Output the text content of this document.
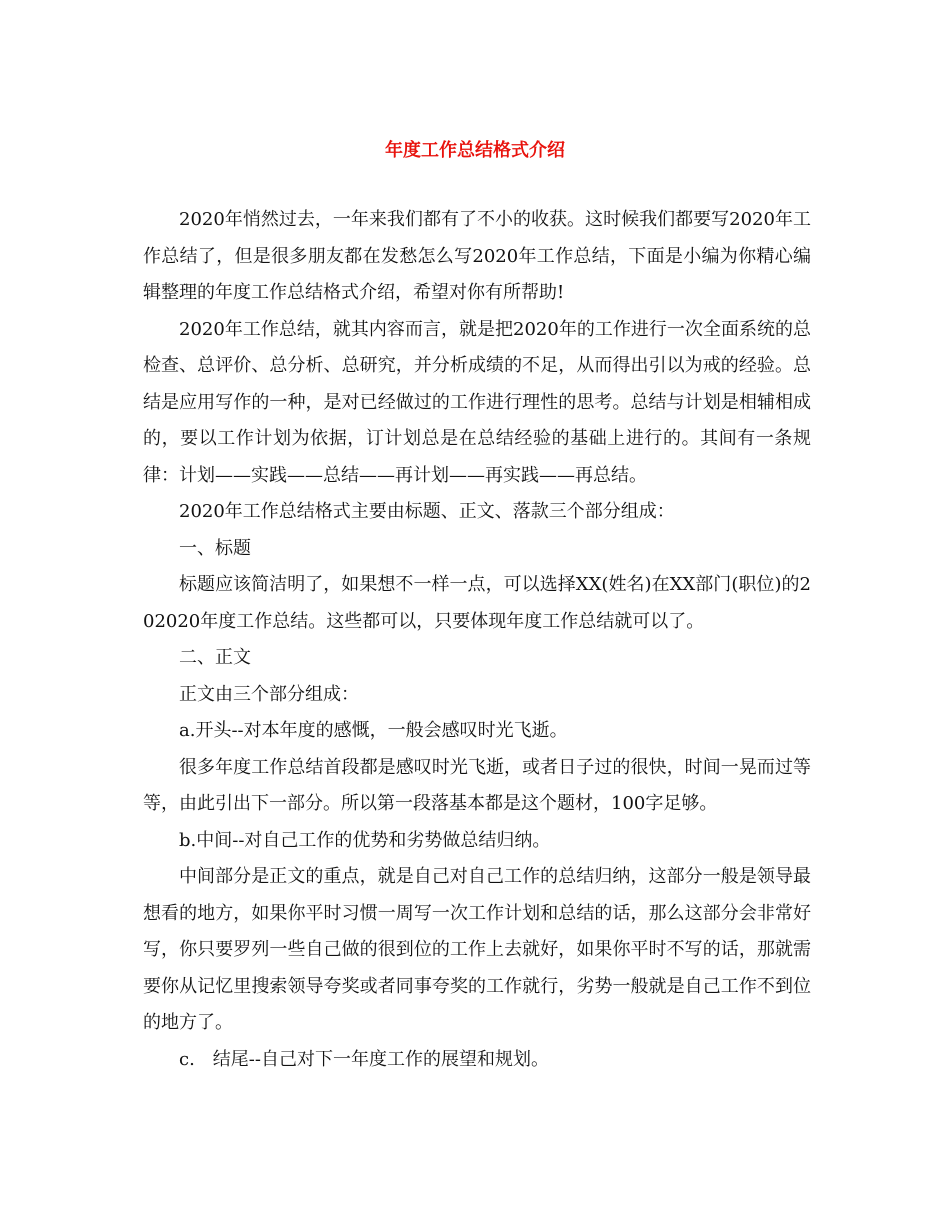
年度工作总结格式介绍

2020年悄然过去，一年来我们都有了不小的收获。这时候我们都要写2020年工作总结了，但是很多朋友都在发愁怎么写2020年工作总结，下面是小编为你精心编辑整理的年度工作总结格式介绍，希望对你有所帮助!

2020年工作总结，就其内容而言，就是把2020年的工作进行一次全面系统的总检查、总评价、总分析、总研究，并分析成绩的不足，从而得出引以为戒的经验。总结是应用写作的一种，是对已经做过的工作进行理性的思考。总结与计划是相辅相成的，要以工作计划为依据，订计划总是在总结经验的基础上进行的。其间有一条规律：计划——实践——总结——再计划——再实践——再总结。

2020年工作总结格式主要由标题、正文、落款三个部分组成：

一、标题

标题应该简洁明了，如果想不一样一点，可以选择XX(姓名)在XX部门(职位)的202020年度工作总结。这些都可以，只要体现年度工作总结就可以了。

二、正文

正文由三个部分组成：

a.开头--对本年度的感慨，一般会感叹时光飞逝。

很多年度工作总结首段都是感叹时光飞逝，或者日子过的很快，时间一晃而过等等，由此引出下一部分。所以第一段落基本都是这个题材，100字足够。

b.中间--对自己工作的优势和劣势做总结归纳。

中间部分是正文的重点，就是自己对自己工作的总结归纳，这部分一般是领导最想看的地方，如果你平时习惯一周写一次工作计划和总结的话，那么这部分会非常好写，你只要罗列一些自己做的很到位的工作上去就好，如果你平时不写的话，那就需要你从记忆里搜索领导夸奖或者同事夸奖的工作就行，劣势一般就是自己工作不到位的地方了。

c.　结尾--自己对下一年度工作的展望和规划。
